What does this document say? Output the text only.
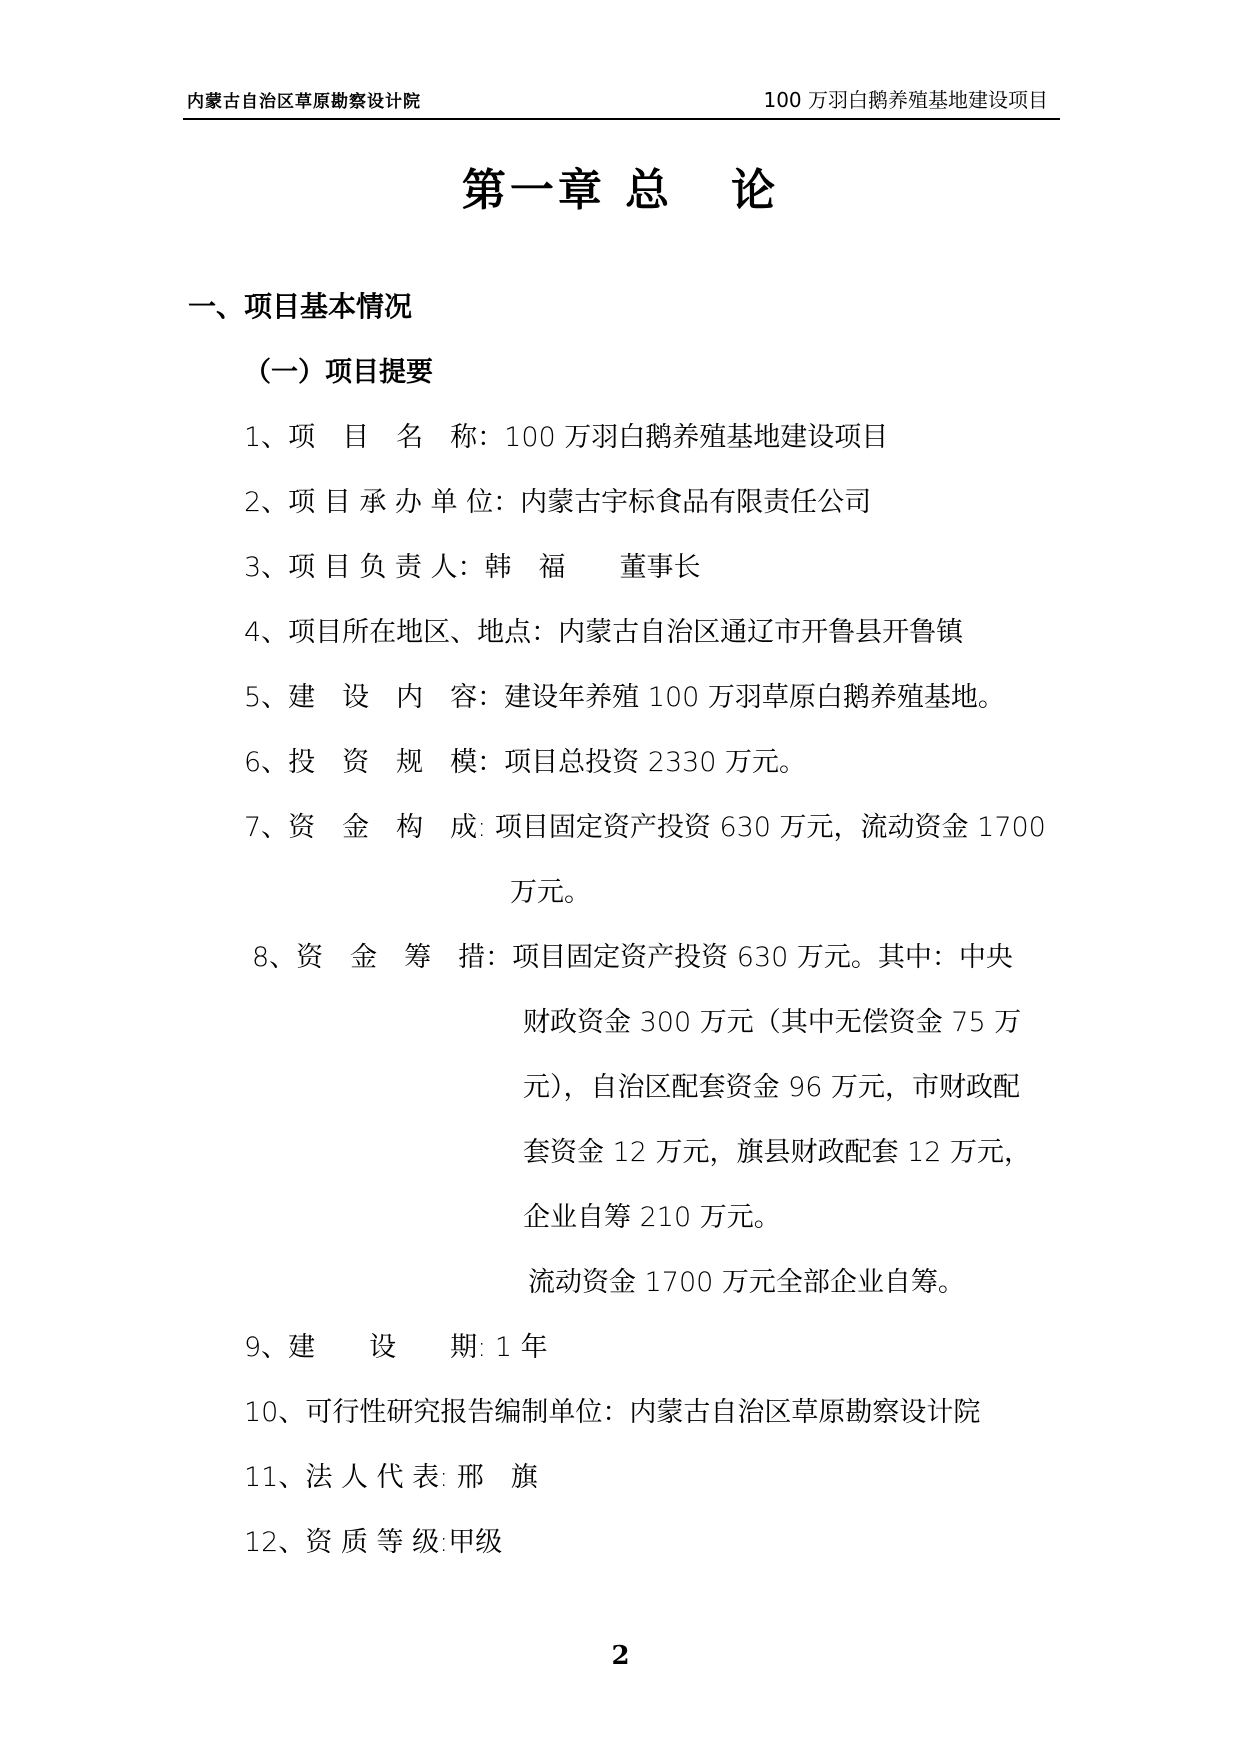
内蒙古自治区草原勘察设计院	100 万羽白鹅养殖基地建设项目
第一章 总   论
一、项目基本情况
（一）项目提要
1、项　目　名　称：100 万羽白鹅养殖基地建设项目
2、项 目 承 办 单 位：内蒙古宇标食品有限责任公司
3、项 目 负 责 人：韩　福　　董事长
4、项目所在地区、地点：内蒙古自治区通辽市开鲁县开鲁镇
5、建　设　内　容：建设年养殖 100 万羽草原白鹅养殖基地。
6、投　资　规　模：项目总投资 2330 万元。
7、资　金　构　成: 项目固定资产投资 630 万元，流动资金 1700
万元。
8、资　金　筹　措：项目固定资产投资 630 万元。其中：中央
财政资金 300 万元（其中无偿资金 75 万
元），自治区配套资金 96 万元，市财政配
套资金 12 万元，旗县财政配套 12 万元，
企业自筹 210 万元。
流动资金 1700 万元全部企业自筹。
9、建　　设　　期: 1 年
10、可行性研究报告编制单位：内蒙古自治区草原勘察设计院
11、法 人 代 表: 邢　旗
12、资 质 等 级:甲级
2
